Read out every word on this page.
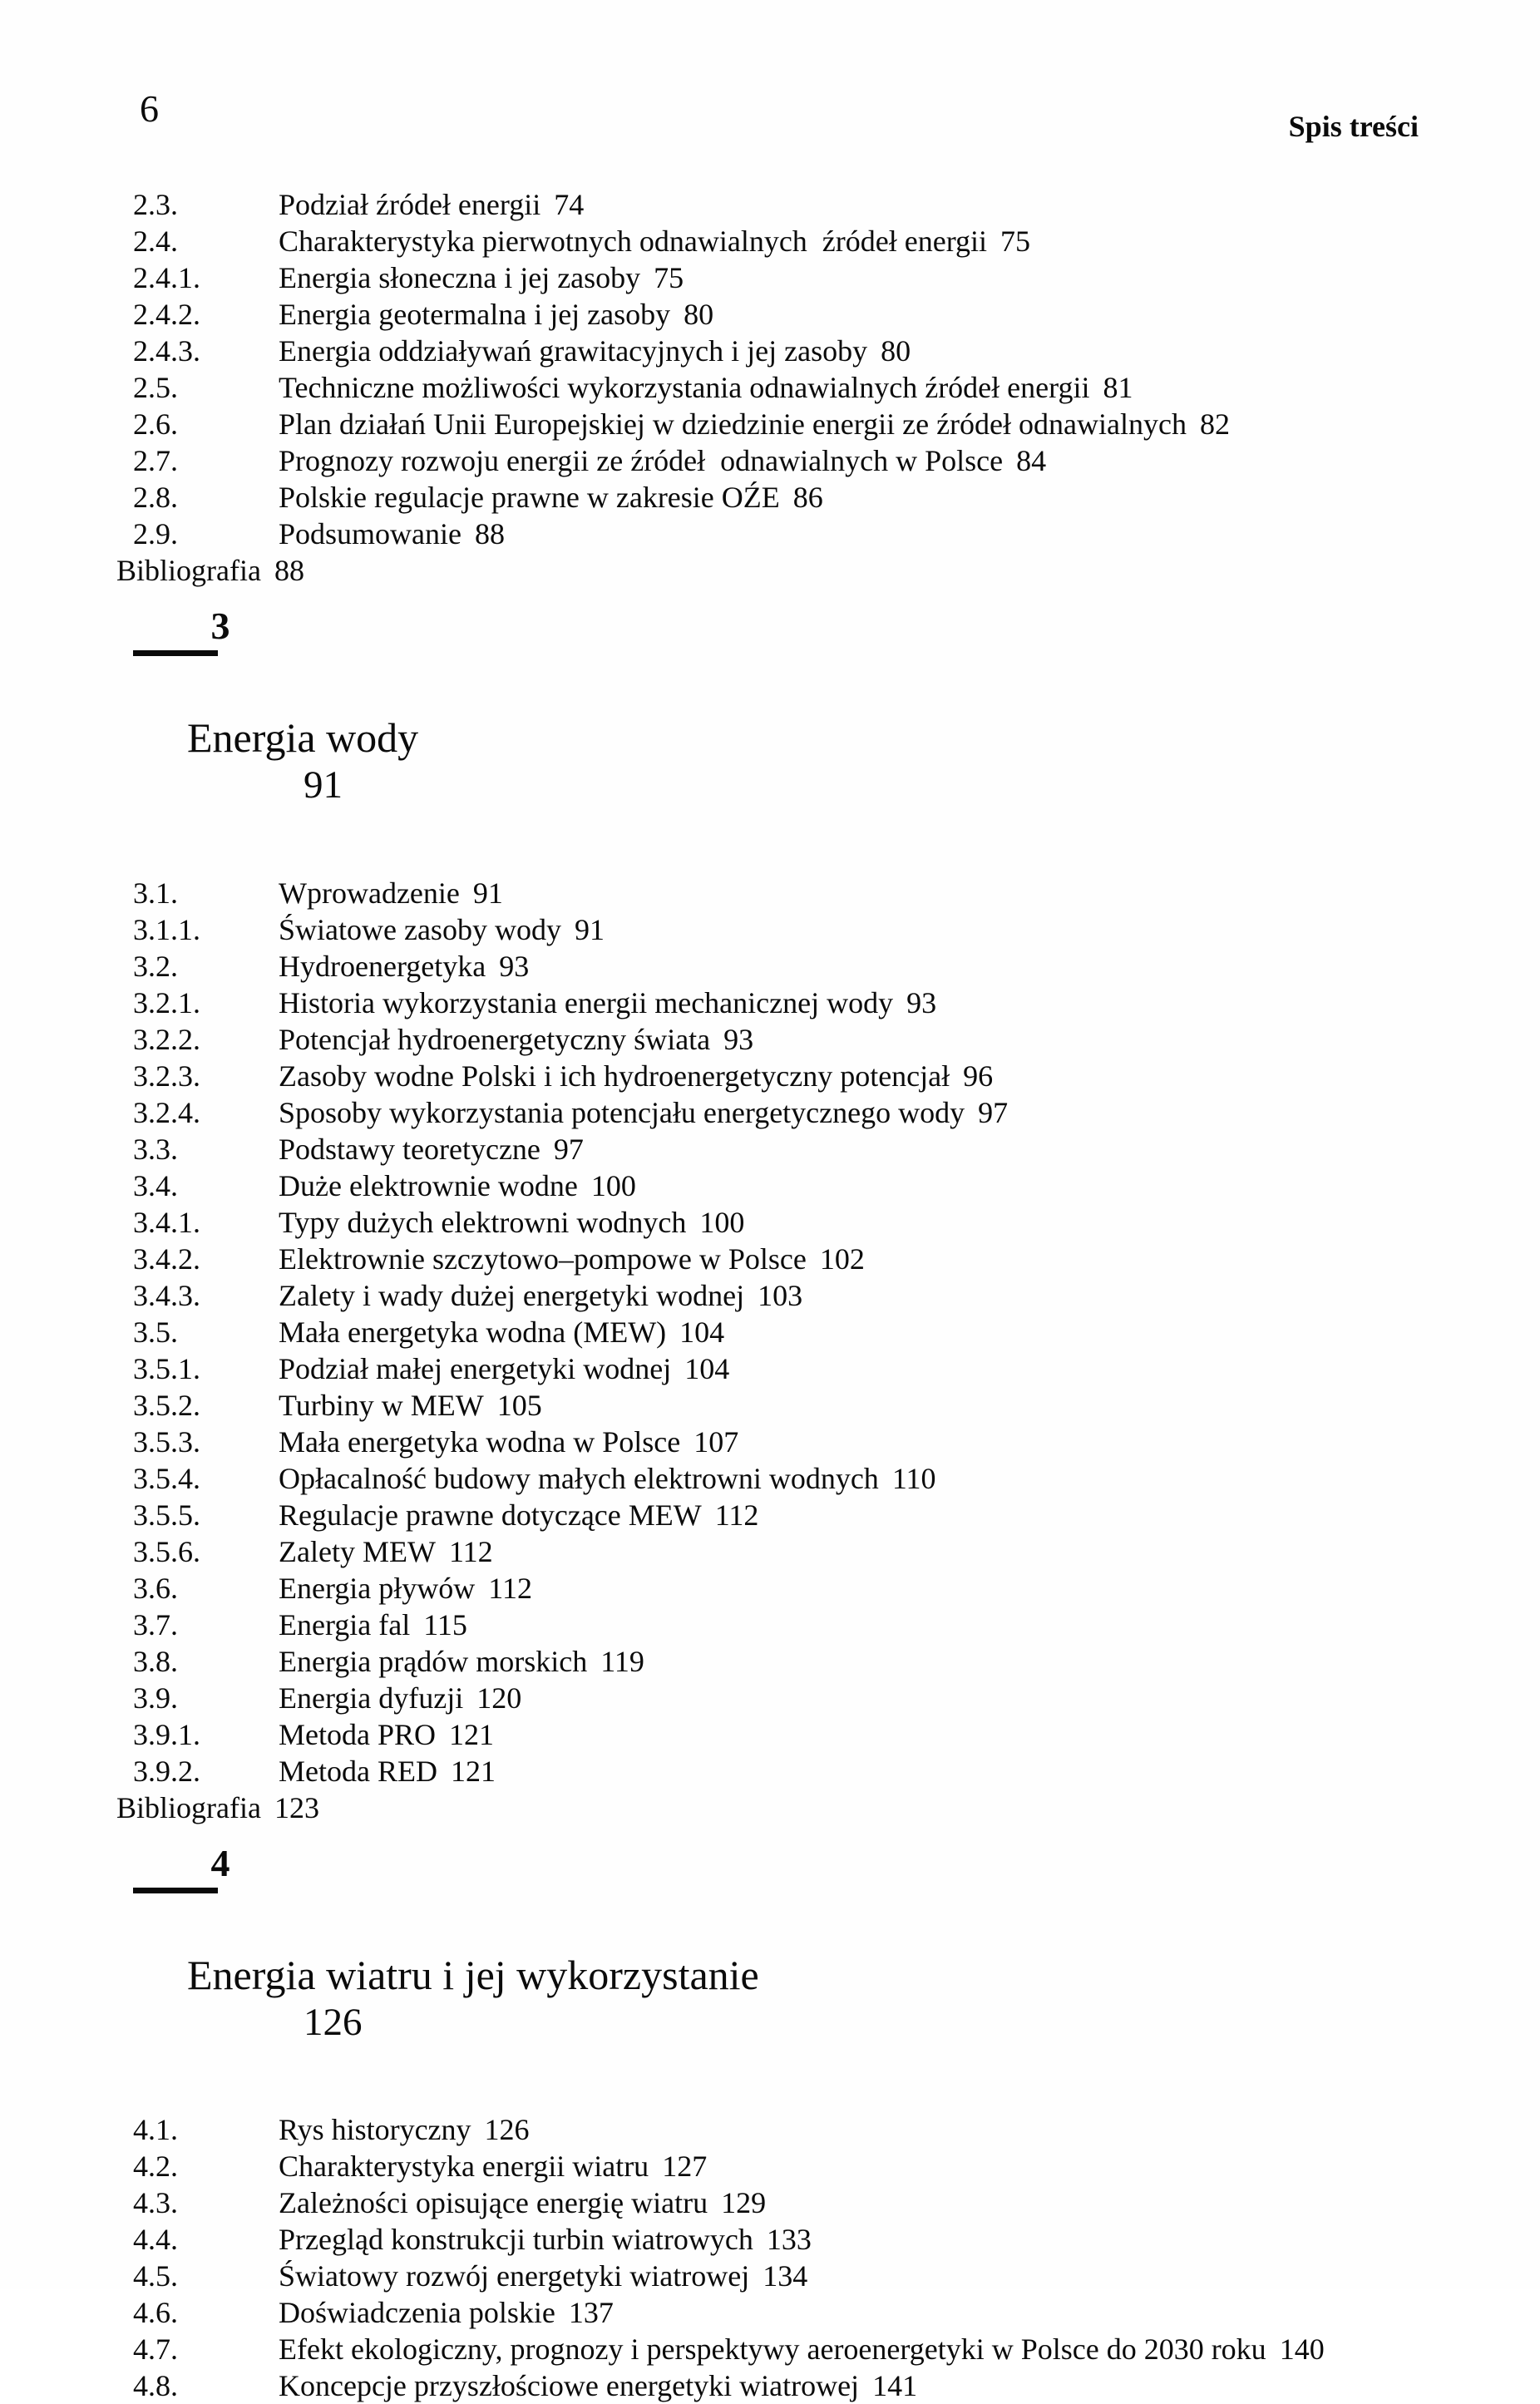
6	Spis treści
2.3.	Podział źródeł energii 74
2.4.	Charakterystyka pierwotnych odnawialnych  źródeł energii 75
2.4.1.	Energia słoneczna i jej zasoby 75
2.4.2.	Energia geotermalna i jej zasoby 80
2.4.3.	Energia oddziaływań grawitacyjnych i jej zasoby 80
2.5.	Techniczne możliwości wykorzystania odnawialnych źródeł energii 81
2.6.	Plan działań Unii Europejskiej w dziedzinie energii ze źródeł odnawialnych 82
2.7.	Prognozy rozwoju energii ze źródeł  odnawialnych w Polsce 84
2.8.	Polskie regulacje prawne w zakresie OŹE 86
2.9.	Podsumowanie 88
Bibliografia 88
3

Energia wody
91

3.1.	Wprowadzenie 91
3.1.1.	Światowe zasoby wody 91
3.2.	Hydroenergetyka 93
3.2.1.	Historia wykorzystania energii mechanicznej wody 93
3.2.2.	Potencjał hydroenergetyczny świata 93
3.2.3.	Zasoby wodne Polski i ich hydroenergetyczny potencjał 96
3.2.4.	Sposoby wykorzystania potencjału energetycznego wody 97
3.3.	Podstawy teoretyczne 97
3.4.	Duże elektrownie wodne 100
3.4.1.	Typy dużych elektrowni wodnych 100
3.4.2.	Elektrownie szczytowo–pompowe w Polsce 102
3.4.3.	Zalety i wady dużej energetyki wodnej 103
3.5.	Mała energetyka wodna (MEW) 104
3.5.1.	Podział małej energetyki wodnej 104
3.5.2.	Turbiny w MEW 105
3.5.3.	Mała energetyka wodna w Polsce 107
3.5.4.	Opłacalność budowy małych elektrowni wodnych 110
3.5.5.	Regulacje prawne dotyczące MEW 112
3.5.6.	Zalety MEW 112
3.6.	Energia pływów 112
3.7.	Energia fal 115
3.8.	Energia prądów morskich 119
3.9.	Energia dyfuzji 120
3.9.1.	Metoda PRO 121
3.9.2.	Metoda RED 121
Bibliografia 123
4

Energia wiatru i jej wykorzystanie
126

4.1.	Rys historyczny 126
4.2.	Charakterystyka energii wiatru 127
4.3.	Zależności opisujące energię wiatru 129
4.4.	Przegląd konstrukcji turbin wiatrowych 133
4.5.	Światowy rozwój energetyki wiatrowej 134
4.6.	Doświadczenia polskie 137
4.7.	Efekt ekologiczny, prognozy i perspektywy aeroenergetyki w Polsce do 2030 roku 140
4.8.	Koncepcje przyszłościowe energetyki wiatrowej 141
